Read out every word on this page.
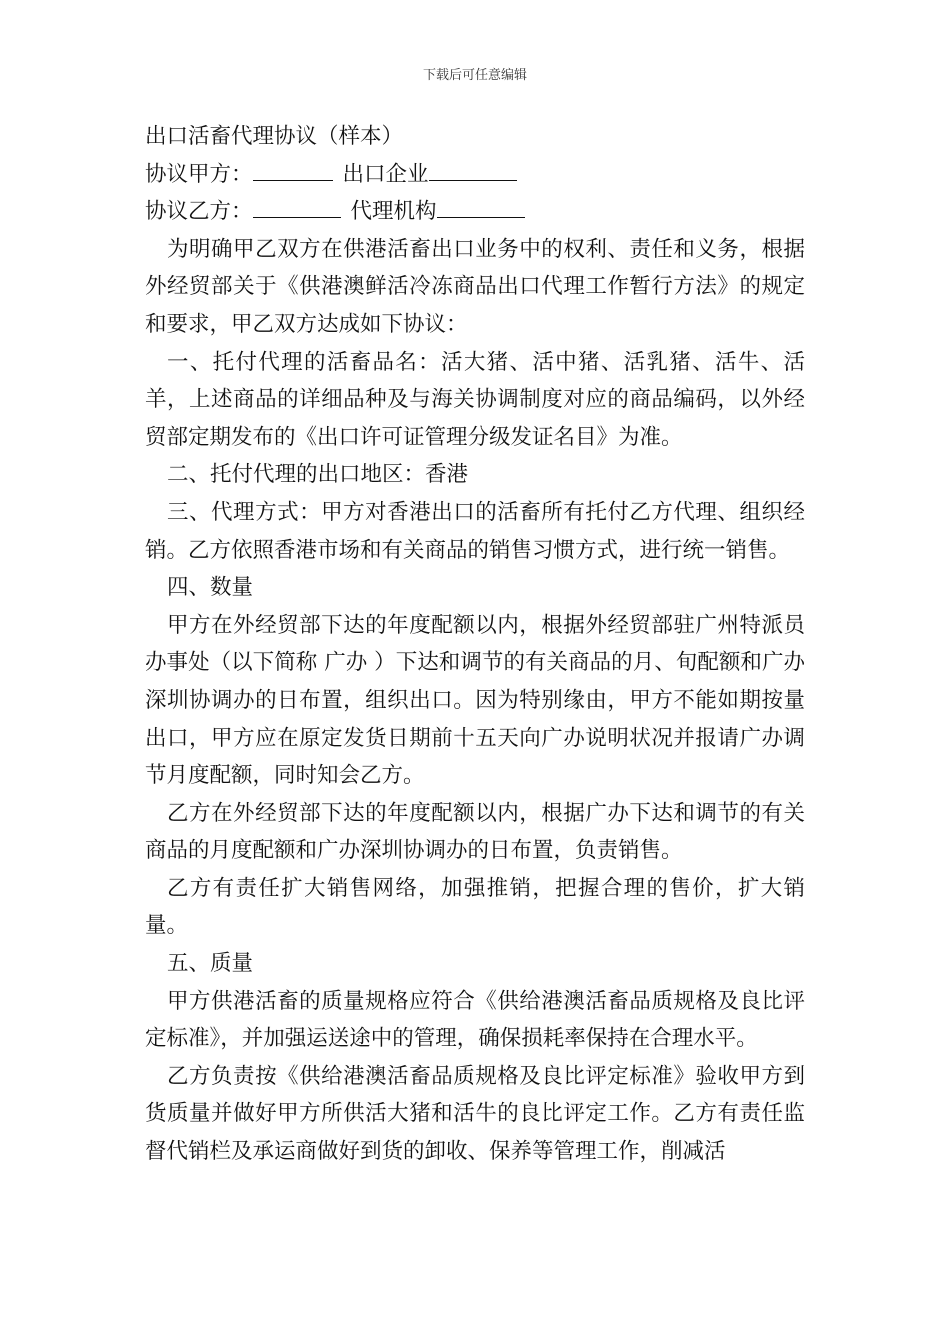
下载后可任意编辑

出口活畜代理协议（样本）

协议甲方：	出口企业

协议乙方：	代理机构

为明确甲乙双方在供港活畜出口业务中的权利、责任和义务，根据外经贸部关于《供港澳鲜活冷冻商品出口代理工作暂行方法》的规定和要求，甲乙双方达成如下协议：

一、托付代理的活畜品名：活大猪、活中猪、活乳猪、活牛、活羊，上述商品的详细品种及与海关协调制度对应的商品编码，以外经贸部定期发布的《出口许可证管理分级发证名目》为准。

二、托付代理的出口地区：香港

三、代理方式：甲方对香港出口的活畜所有托付乙方代理、组织经销。乙方依照香港市场和有关商品的销售习惯方式，进行统一销售。

四、数量

甲方在外经贸部下达的年度配额以内，根据外经贸部驻广州特派员办事处（以下简称 广办 ）下达和调节的有关商品的月、旬配额和广办深圳协调办的日布置，组织出口。因为特别缘由，甲方不能如期按量出口，甲方应在原定发货日期前十五天向广办说明状况并报请广办调节月度配额，同时知会乙方。

乙方在外经贸部下达的年度配额以内，根据广办下达和调节的有关商品的月度配额和广办深圳协调办的日布置，负责销售。

乙方有责任扩大销售网络，加强推销，把握合理的售价，扩大销量。

五、质量

甲方供港活畜的质量规格应符合《供给港澳活畜品质规格及良比评定标准》，并加强运送途中的管理，确保损耗率保持在合理水平。

乙方负责按《供给港澳活畜品质规格及良比评定标准》验收甲方到货质量并做好甲方所供活大猪和活牛的良比评定工作。乙方有责任监督代销栏及承运商做好到货的卸收、保养等管理工作，削减活
